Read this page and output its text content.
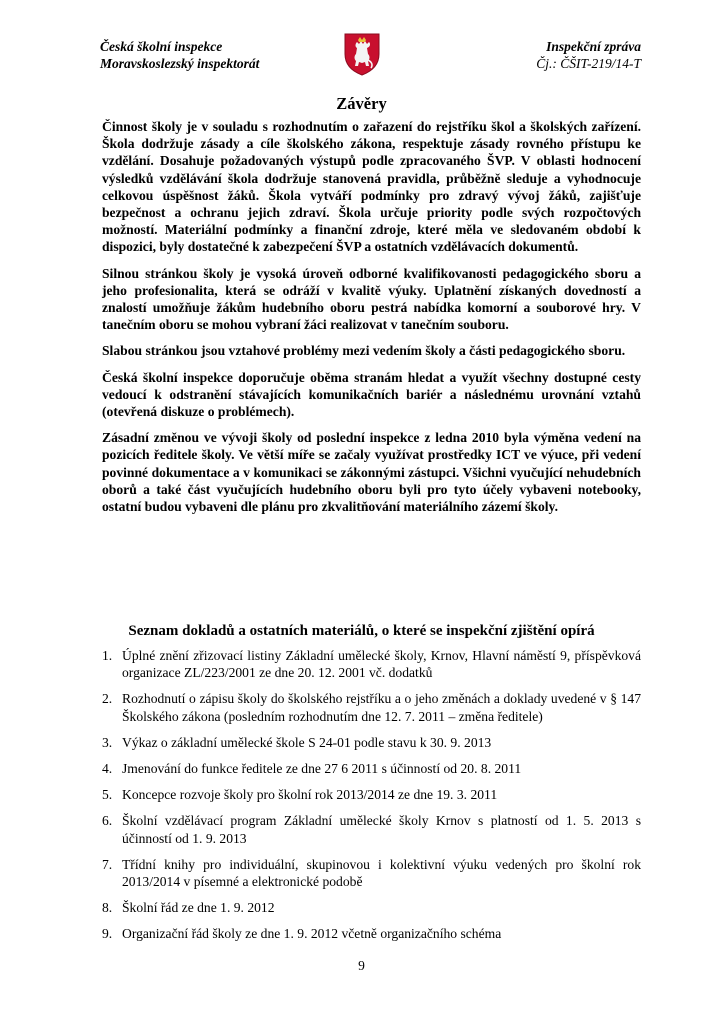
Česká školní inspekce
Moravskoslezský inspektorát
Inspekční zpráva
Čj.: ČŠIT-219/14-T
Závěry

Činnost školy je v souladu s rozhodnutím o zařazení do rejstříku škol a školských zařízení. Škola dodržuje zásady a cíle školského zákona, respektuje zásady rovného přístupu ke vzdělání. Dosahuje požadovaných výstupů podle zpracovaného ŠVP. V oblasti hodnocení výsledků vzdělávání škola dodržuje stanovená pravidla, průběžně sleduje a vyhodnocuje celkovou úspěšnost žáků. Škola vytváří podmínky pro zdravý vývoj žáků, zajišťuje bezpečnost a ochranu jejich zdraví. Škola určuje priority podle svých rozpočtových možností. Materiální podmínky a finanční zdroje, které měla ve sledovaném období k dispozici, byly dostatečné k zabezpečení ŠVP a ostatních vzdělávacích dokumentů.

Silnou stránkou školy je vysoká úroveň odborné kvalifikovanosti pedagogického sboru a jeho profesionalita, která se odráží v kvalitě výuky. Uplatnění získaných dovedností a znalostí umožňuje žákům hudebního oboru pestrá nabídka komorní a souborové hry. V tanečním oboru se mohou vybraní žáci realizovat v tanečním souboru.

Slabou stránkou jsou vztahové problémy mezi vedením školy a části pedagogického sboru.

Česká školní inspekce doporučuje oběma stranám hledat a využít všechny dostupné cesty vedoucí k odstranění stávajících komunikačních bariér a následnému urovnání vztahů (otevřená diskuze o problémech).

Zásadní změnou ve vývoji školy od poslední inspekce z ledna 2010 byla výměna vedení na pozicích ředitele školy. Ve větší míře se začaly využívat prostředky ICT ve výuce, při vedení povinné dokumentace a v komunikaci se zákonnými zástupci. Všichni vyučující nehudebních oborů a také část vyučujících hudebního oboru byli pro tyto účely vybaveni notebooky, ostatní budou vybaveni dle plánu pro zkvalitňování materiálního zázemí školy.

Seznam dokladů a ostatních materiálů, o které se inspekční zjištění opírá
1. Úplné znění zřizovací listiny Základní umělecké školy, Krnov, Hlavní náměstí 9, příspěvková organizace ZL/223/2001 ze dne 20. 12. 2001 vč. dodatků
2. Rozhodnutí o zápisu školy do školského rejstříku a o jeho změnách a doklady uvedené v § 147 Školského zákona (posledním rozhodnutím dne 12. 7. 2011 – změna ředitele)
3. Výkaz o základní umělecké škole S 24-01 podle stavu k 30. 9. 2013
4. Jmenování do funkce ředitele ze dne 27 6 2011 s účinností od 20. 8. 2011
5. Koncepce rozvoje školy pro školní rok 2013/2014 ze dne 19. 3. 2011
6. Školní vzdělávací program Základní umělecké školy Krnov s platností od 1. 5. 2013 s účinností od 1. 9. 2013
7. Třídní knihy pro individuální, skupinovou i kolektivní výuku vedených pro školní rok 2013/2014 v písemné a elektronické podobě
8. Školní řád ze dne 1. 9. 2012
9. Organizační řád školy ze dne 1. 9. 2012 včetně organizačního schéma
9
